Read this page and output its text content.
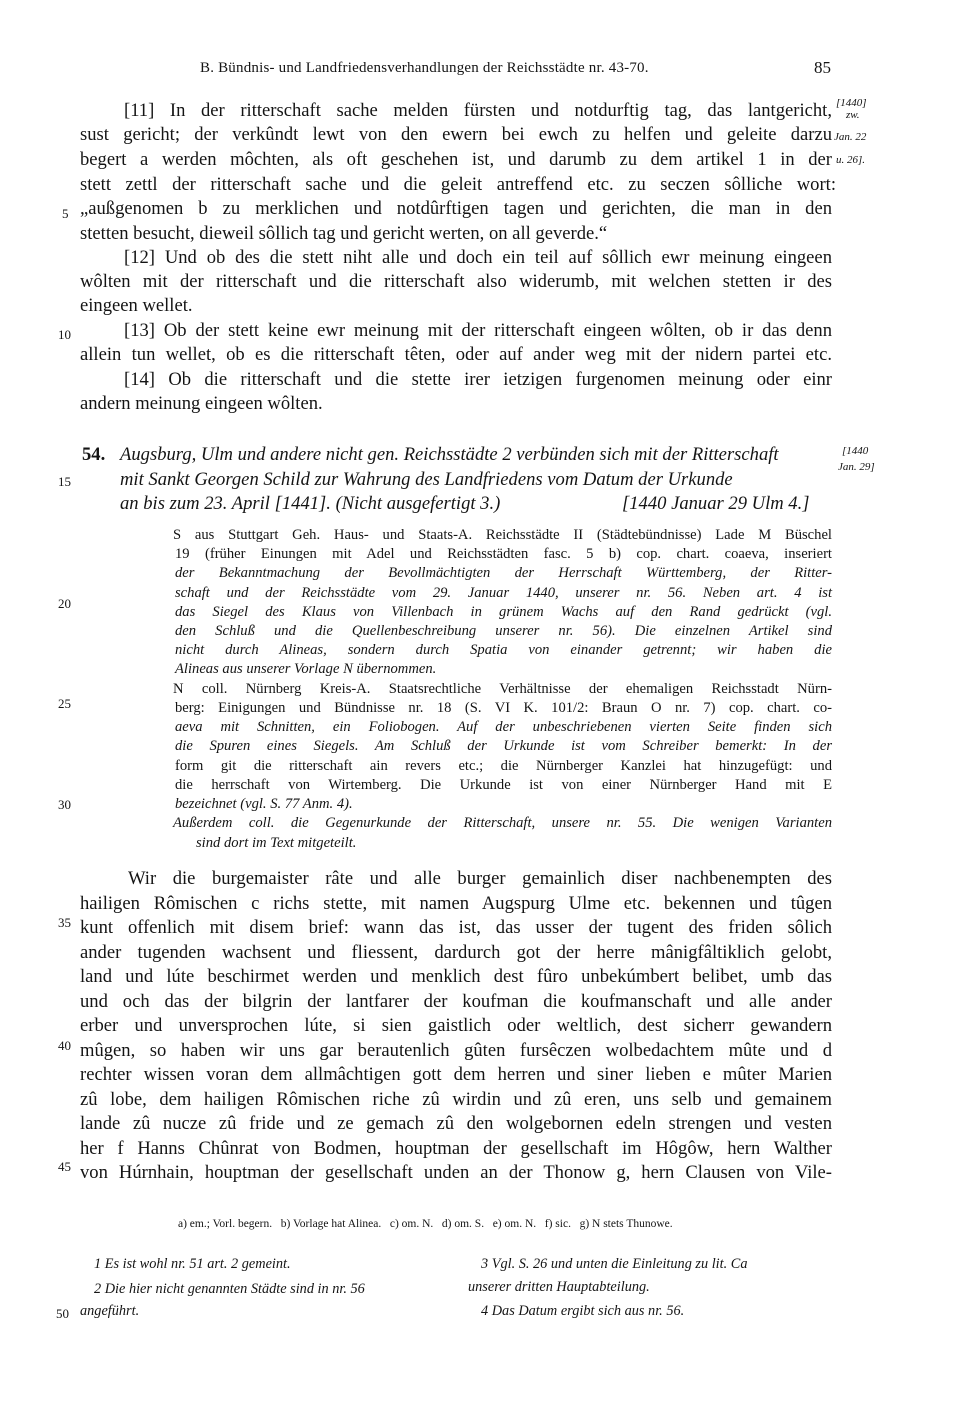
B. Bündnis- und Landfriedensverhandlungen der Reichsstädte nr. 43-70.	85
[1440]
zw.
Jan. 22
u. 26].
[11] In der ritterschaft sache melden fürsten und notdurftig tag, das lantgericht,
sust gericht; der verkûndt lewt von den ewern bei ewch zu helfen und geleite darzu
begert a werden môchten, als oft geschehen ist, und darumb zu dem artikel 1 in der
stett zettl der ritterschaft sache und die geleit antreffend etc. zu seczen sôlliche wort:
„außgenomen b zu merklichen und notdûrftigen tagen und gerichten, die man in den
stetten besucht, dieweil sôllich tag und gericht werten, on all geverde.“
[12] Und ob des die stett niht alle und doch ein teil auf sôllich ewr meinung eingeen
wôlten mit der ritterschaft und die ritterschaft also widerumb, mit welchen stetten ir des
eingeen wellet.
[13] Ob der stett keine ewr meinung mit der ritterschaft eingeen wôlten, ob ir das denn
allein tun wellet, ob es die ritterschaft têten, oder auf ander weg mit der nidern partei etc.
[14] Ob die ritterschaft und die stette irer ietzigen furgenomen meinung oder einr
andern meinung eingeen wôlten.
5
10
15
20
25
30
35
40
45
50
54. Augsburg, Ulm und andere nicht gen. Reichsstädte 2 verbünden sich mit der Ritterschaft
mit Sankt Georgen Schild zur Wahrung des Landfriedens vom Datum der Urkunde
an bis zum 23. April [1441]. (Nicht ausgefertigt 3.)	[1440 Januar 29 Ulm 4.]
[1440
Jan. 29]
S aus Stuttgart Geh. Haus- und Staats-A. Reichsstädte II (Städtebündnisse) Lade M Büschel
19 (früher Einungen mit Adel und Reichsstädten fasc. 5 b) cop. chart. coaeva, inseriert
der Bekanntmachung der Bevollmächtigten der Herrschaft Württemberg, der Ritter-
schaft und der Reichsstädte vom 29. Januar 1440, unserer nr. 56. Neben art. 4 ist
das Siegel des Klaus von Villenbach in grünem Wachs auf den Rand gedrückt (vgl.
den Schluß und die Quellenbeschreibung unserer nr. 56). Die einzelnen Artikel sind
nicht durch Alineas, sondern durch Spatia von einander getrennt; wir haben die
Alineas aus unserer Vorlage N übernommen.
N coll. Nürnberg Kreis-A. Staatsrechtliche Verhältnisse der ehemaligen Reichsstadt Nürn-
berg: Einigungen und Bündnisse nr. 18 (S. VI K. 101/2: Braun O nr. 7) cop. chart. co-
aeva mit Schnitten, ein Foliobogen. Auf der unbeschriebenen vierten Seite finden sich
die Spuren eines Siegels. Am Schluß der Urkunde ist vom Schreiber bemerkt: In der
form git die ritterschaft ain revers etc.; die Nürnberger Kanzlei hat hinzugefügt: und
die herrschaft von Wirtemberg. Die Urkunde ist von einer Nürnberger Hand mit E
bezeichnet (vgl. S. 77 Anm. 4).
Außerdem coll. die Gegenurkunde der Ritterschaft, unsere nr. 55. Die wenigen Varianten
sind dort im Text mitgeteilt.
Wir die burgemaister râte und alle burger gemainlich diser nachbenempten des
hailigen Rômischen c richs stette, mit namen Augspurg Ulme etc. bekennen und tûgen
kunt offenlich mit disem brief: wann das ist, das usser der tugent des friden sôlich
ander tugenden wachsent und fliessent, dardurch got der herre mânigfâltiklich gelobt,
land und lúte beschirmet werden und menklich dest fûro unbekúmbert belibet, umb das
und och das der bilgrin der lantfarer der koufman die koufmanschaft und alle ander
erber und unversprochen lúte, si sien gaistlich oder weltlich, dest sicherr gewandern
mûgen, so haben wir uns gar berautenlich gûten fursêczen wolbedachtem mûte und d
rechter wissen voran dem allmâchtigen gott dem herren und siner lieben e mûter Marien
zû lobe, dem hailigen Rômischen riche zû wirdin und zû eren, uns selb und gemainem
lande zû nucze zû fride und ze gemach zû den wolgebornen edeln strengen und vesten
her f Hanns Chûnrat von Bodmen, houptman der gesellschaft im Hôgôw, hern Walther
von Húrnhain, houptman der gesellschaft unden an der Thonow g, hern Clausen von Vile-
a) em.; Vorl. begern.   b) Vorlage hat Alinea.   c) om. N.   d) om. S.   e) om. N.   f) sic.   g) N stets Thunowe.
1 Es ist wohl nr. 51 art. 2 gemeint.
2 Die hier nicht genannten Städte sind in nr. 56
angeführt.
3 Vgl. S. 26 und unten die Einleitung zu lit. Ca
unserer dritten Hauptabteilung.
4 Das Datum ergibt sich aus nr. 56.
